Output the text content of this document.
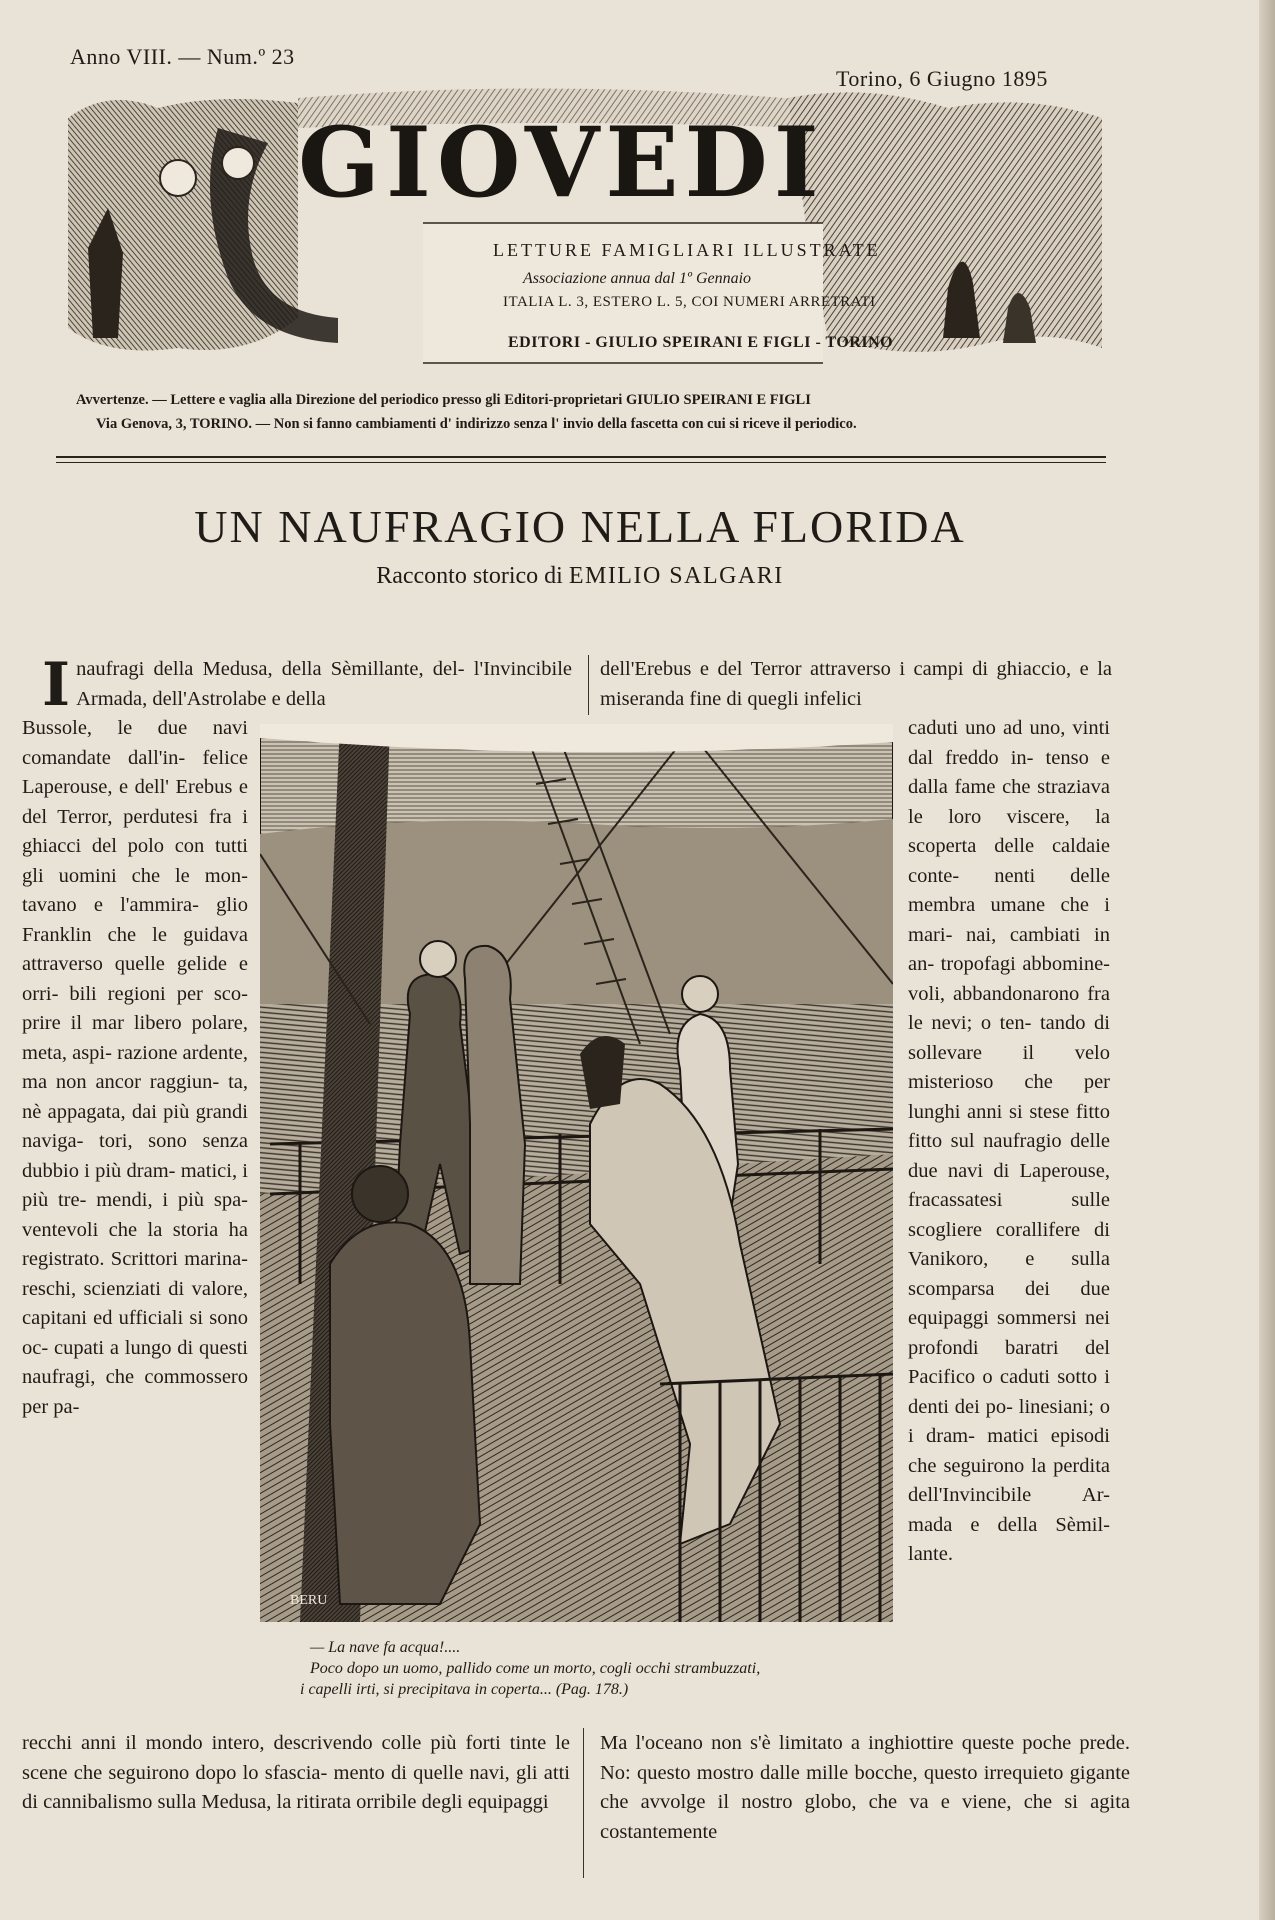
Anno VIII. — Num.º 23
Torino, 6 Giugno 1895
GIOVEDI
LETTURE FAMIGLIARI ILLUSTRATE
Associazione annua dal 1º Gennaio
ITALIA L. 3, ESTERO L. 5, COI NUMERI ARRETRATI
EDITORI - GIULIO SPEIRANI E FIGLI - TORINO
Avvertenze. — Lettere e vaglia alla Direzione del periodico presso gli Editori-proprietari GIULIO SPEIRANI E FIGLI
Via Genova, 3, TORINO. — Non si fanno cambiamenti d' indirizzo senza l' invio della fascetta con cui si riceve il periodico.
UN NAUFRAGIO NELLA FLORIDA
Racconto storico di EMILIO SALGARI
I naufragi della Medusa, della Sèmillante, del- l'Invincibile Armada, dell'Astrolabe e della
Bussole, le due navi comandate dall'in- felice Laperouse, e dell' Erebus e del Terror, perdutesi fra i ghiacci del polo con tutti gli uomini che le mon- tavano e l'ammira- glio Franklin che le guidava attraverso quelle gelide e orri- bili regioni per sco- prire il mar libero polare, meta, aspi- razione ardente, ma non ancor raggiun- ta, nè appagata, dai più grandi naviga- tori, sono senza dubbio i più dram- matici, i più tre- mendi, i più spa- ventevoli che la storia ha registrato. Scrittori marina- reschi, scienziati di valore, capitani ed ufficiali si sono oc- cupati a lungo di questi naufragi, che commossero per pa-
dell'Erebus e del Terror attraverso i campi di ghiaccio, e la miseranda fine di quegli infelici
caduti uno ad uno, vinti dal freddo in- tenso e dalla fame che straziava le loro viscere, la scoperta delle caldaie conte- nenti delle membra umane che i mari- nai, cambiati in an- tropofagi abbomine- voli, abbandonarono fra le nevi; o ten- tando di sollevare il velo misterioso che per lunghi anni si stese fitto fitto sul naufragio delle due navi di Laperouse, fracassatesi sulle scogliere corallifere di Vanikoro, e sulla scomparsa dei due equipaggi sommersi nei profondi baratri del Pacifico o caduti sotto i denti dei po- linesiani; o i dram- matici episodi che seguirono la perdita dell'Invincibile Ar- mada e della Sèmil- lante.
BERU
— La nave fa acqua!....
Poco dopo un uomo, pallido come un morto, cogli occhi strambuzzati,
i capelli irti, si precipitava in coperta... (Pag. 178.)
recchi anni il mondo intero, descrivendo colle più forti tinte le scene che seguirono dopo lo sfascia- mento di quelle navi, gli atti di cannibalismo sulla Medusa, la ritirata orribile degli equipaggi
Ma l'oceano non s'è limitato a inghiottire queste poche prede. No: questo mostro dalle mille bocche, questo irrequieto gigante che avvolge il nostro globo, che va e viene, che si agita costantemente
